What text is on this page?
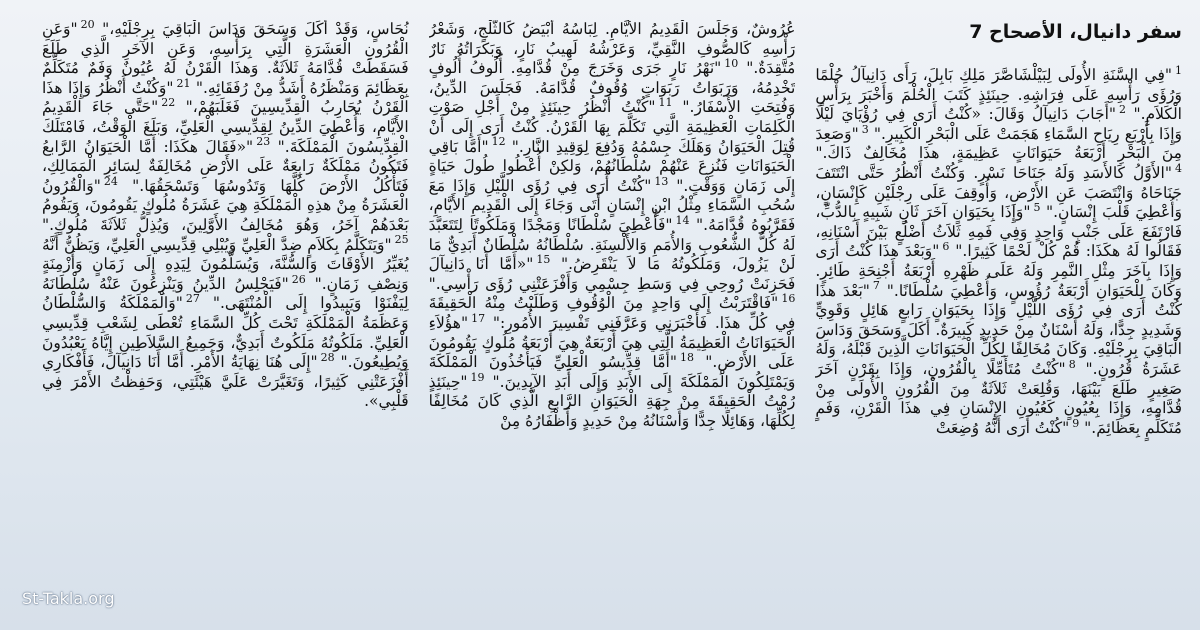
سفر دانيال، الأصحاح 7

$^1$"فِي السَّنَةِ الأُولَى لِبَيْلْشَاصَّرَ مَلِكِ بَابِلَ، رَأَى دَانِيآلُ حُلْمًا وَرُؤَى رَأْسِهِ عَلَى فِرَاشِهِ. حِينَئِذٍ كَتَبَ الْحُلْمَ وَأَخْبَرَ بِرَأْسِ الْكَلاَمِ." $^2$"أَجَابَ دَانِيآلُ وَقَالَ: «كُنْتُ أَرَى فِي رُؤْيَايَ لَيْلًا وَإِذَا بِأَرْبَعِ رِيَاحِ السَّمَاءِ هَجَمَتْ عَلَى الْبَحْرِ الْكَبِيرِ." $^3$"وَصَعِدَ مِنَ الْبَحْرِ أَرْبَعَةُ حَيَوَانَاتٍ عَظِيمَةٍ، هذَا مُخَالِفٌ ذَاكَ." $^4$"الأَوَّلُ كَالأَسَدِ وَلَهُ جَنَاحَا نَسْرٍ. وَكُنْتُ أَنْظُرُ حَتَّى انْتَتَفَ جَنَاحَاهُ وَانْتَصَبَ عَنِ الأَرْضِ، وَأُوقِفَ عَلَى رِجْلَيْنِ كَإِنْسَانٍ، وَأُعْطِيَ قَلْبَ إِنْسَانٍ." $^5$"وَإِذَا بِحَيَوَانٍ آخَرَ ثَانٍ شَبِيهٍ بِالدُّبِّ، فَارْتَفَعَ عَلَى جَنْبٍ وَاحِدٍ وَفِي فَمِهِ ثَلاَثُ أَضْلُعٍ بَيْنَ أَسْنَانِهِ، فَقَالُوا لَهُ هكَذَا: قُمْ كُلْ لَحْمًا كَثِيرًا." $^6$"وَبَعْدَ هذَا كُنْتُ أَرَى وَإِذَا بِآخَرَ مِثْلِ النَّمِرِ وَلَهُ عَلَى ظَهْرِهِ أَرْبَعَةُ أَجْنِحَةِ طَائِرٍ. وَكَانَ لِلْحَيَوَانِ أَرْبَعَةُ رُؤُوسٍ، وَأُعْطِيَ سُلْطَانًا." $^7$"بَعْدَ هذَا كُنْتُ أَرَى فِي رُؤَى اللَّيْلِ وَإِذَا بِحَيَوَانٍ رَابعٍ هَائِلٍ وَقَوِيٍّ وَشَدِيدٍ جِدًّا، وَلَهُ أَسْنَانٌ مِنْ حَدِيدٍ كَبِيرَةٌ. أَكَلَ وَسَحَقَ وَدَاسَ الْبَاقِيَ بِرِجْلَيْهِ. وَكَانَ مُخَالِفًا لِكُلِّ الْحَيَوَانَاتِ الَّذِينَ قَبْلَهُ، وَلَهُ عَشَرَةُ قُرُونٍ." $^8$"كُنْتُ مُتَأَمِّلًا بِالْقُرُونِ، وَإِذَا بِقَرْنٍ آخَرَ صَغِيرٍ طَلَعَ بَيْنَهَا، وَقُلِعَتْ ثَلاَثَةٌ مِنَ الْقُرُونِ الأُولَى مِنْ قُدَّامِهِ، وَإِذَا بِعُيُونٍ كَعُيُونِ الإِنْسَانِ فِي هذَا الْقَرْنِ، وَفَمٍ مُتَكَلِّمٍ بِعَظَائِمَ." $^9$"كُنْتُ أَرَى أَنَّهُ وُضِعَتْ

عُرُوشٌ، وَجَلَسَ الْقَدِيمُ الأَيَّامِ. لِبَاسُهُ أَبْيَضُ كَالثَّلْجِ، وَشَعْرُ رَأْسِهِ كَالصُّوفِ النَّقِيِّ، وَعَرْشُهُ لَهِيبُ نَارٍ، وَبَكَرَاتُهُ نَارٌ مُتَّقِدَةٌ." $^{10}$"نَهْرُ نَارٍ جَرَى وَخَرَجَ مِنْ قُدَّامِهِ. أُلُوفُ أُلُوفٍ تَخْدِمُهُ، وَرَبَوَاتُ رَبَوَاتٍ وُقُوفٌ قُدَّامَهُ. فَجَلَسَ الدِّينُ، وَفُتِحَتِ الأَسْفَارُ." $^{11}$"كُنْتُ أَنْظُرُ حِينَئِذٍ مِنْ أَجْلِ صَوْتِ الْكَلِمَاتِ الْعَظِيمَةِ الَّتِي تَكَلَّمَ بِهَا الْقَرْنُ. كُنْتُ أَرَى إِلَى أَنْ قُتِلَ الْحَيَوَانُ وَهَلَكَ جِسْمُهُ وَدُفِعَ لِوَقِيدِ النَّارِ." $^{12}$"أَمَّا بَاقِي الْحَيَوَانَاتِ فَنُزِعَ عَنْهُمْ سُلْطَانُهُمْ، وَلكِنْ أُعْطُوا طُولَ حَيَاةٍ إِلَى زَمَانٍ وَوَقْتٍ." $^{13}$"كُنْتُ أَرَى فِي رُؤَى اللَّيْلِ وَإِذَا مَعَ سُحُبِ السَّمَاءِ مِثْلُ ابْنِ إِنْسَانٍ أَتَى وَجَاءَ إِلَى الْقَدِيمِ الأَيَّامِ، فَقَرَّبُوهُ قُدَّامَهُ." $^{14}$"فَأُعْطِيَ سُلْطَانًا وَمَجْدًا وَمَلَكُوتًا لِتَتَعَبَّدَ لَهُ كُلُّ الشُّعُوبِ وَالأُمَمِ وَالأَلْسِنَةِ. سُلْطَانُهُ سُلْطَانٌ أَبَدِيٌّ مَا لَنْ يَزُولَ، وَمَلَكُوتُهُ مَا لاَ يَنْقَرِضُ." $^{15}$"«أَمَّا أَنَا دَانِيآلَ فَحَزِنَتْ رُوحِي فِي وَسَطِ جِسْمِي وَأَفْزَعَتْنِي رُؤَى رَأْسِي." $^{16}$"فَاقْتَرَبْتُ إِلَى وَاحِدٍ مِنَ الْوُقُوفِ وَطَلَبْتُ مِنْهُ الْحَقِيقَةَ فِي كُلِّ هذَا. فَأَخْبَرَنِي وَعَرَّفَنِي تَفْسِيرَ الأُمُورِ:" $^{17}$"هؤُلاَءِ الْحَيَوَانَاتُ الْعَظِيمَةُ الَّتِي هِيَ أَرْبَعَةٌ هِيَ أَرْبَعَةُ مُلُوكٍ يَقُومُونَ عَلَى الأَرْضِ." $^{18}$"أَمَّا قِدِّيسُو الْعَلِيِّ فَيَأْخُذُونَ الْمَمْلَكَةَ وَيَمْتَلِكُونَ الْمَمْلَكَةَ إِلَى الأَبَدِ وَإِلَى أَبَدِ الآبِدِينَ." $^{19}$"حِينَئِذٍ رُمْتُ الْحَقِيقَةَ مِنْ جِهَةِ الْحَيَوَانِ الرَّابعِ الَّذِي كَانَ مُخَالِفًا لِكُلِّهَا، وَهَائِلًا جِدًّا وَأَسْنَانُهُ مِنْ حَدِيدٍ وَأَظْفَارُهُ مِنْ

نُحَاسٍ، وَقَدْ أَكَلَ وَسَحَقَ وَدَاسَ الْبَاقِيَ بِرِجْلَيْهِ،" $^{20}$"وَعَنِ الْقُرُونِ الْعَشَرَةِ الَّتِي بِرَأْسِهِ، وَعَنِ الآخَرِ الَّذِي طَلَعَ فَسَقَطَتْ قُدَّامَهُ ثَلاَثَةٌ. وَهذَا الْقَرْنُ لَهُ عُيُونٌ وَفَمٌ مُتَكَلِّمٌ بِعَظَائِمَ وَمَنْظَرُهُ أَشَدُّ مِنْ رُفَقَائِهِ." $^{21}$"وَكُنْتُ أَنْظُرُ وَإِذَا هذَا الْقَرْنُ يُحَارِبُ الْقِدِّيسِينَ فَغَلَبَهُمْ،" $^{22}$"حَتَّى جَاءَ الْقَدِيمُ الأَيَّامِ، وَأُعْطِيَ الدِّينُ لِقِدِّيسِي الْعَلِيِّ، وَبَلَغَ الْوَقْتُ، فَامْتَلَكَ الْقِدِّيسُونَ الْمَمْلَكَةَ." $^{23}$"«فَقَالَ هكَذَا: أَمَّا الْحَيَوَانُ الرَّابعُ فَتَكُونُ مَمْلَكَةٌ رَابِعَةٌ عَلَى الأَرْضِ مُخَالِفَةٌ لِسَائِرِ الْمَمَالِكِ، فَتَأْكُلُ الأَرْضَ كُلَّهَا وَتَدُوسُهَا وَتَسْحَقُهَا." $^{24}$"وَالْقُرُونُ الْعَشَرَةُ مِنْ هذِهِ الْمَمْلَكَةِ هِيَ عَشَرَةُ مُلُوكٍ يَقُومُونَ، وَيَقُومُ بَعْدَهُمْ آخَرُ، وَهُوَ مُخَالِفُ الأَوَّلِينَ، وَيُذِلُّ ثَلاَثَةَ مُلُوكٍ." $^{25}$"وَيَتَكَلَّمُ بِكَلاَمٍ ضِدَّ الْعَلِيِّ وَيُبْلِي قِدِّيسِي الْعَلِيِّ، وَيَظُنُّ أَنَّهُ يُغَيِّرُ الأَوْقَاتَ وَالسُّنَّةَ، وَيُسَلَّمُونَ لِيَدِهِ إِلَى زَمَانٍ وَأَزْمِنَةٍ وَنِصْفِ زَمَانٍ." $^{26}$"فَيَجْلِسُ الدِّينُ وَيَنْزِعُونَ عَنْهُ سُلْطَانَهُ لِيَفْنَوْا وَيَبِيدُوا إِلَى الْمُنْتَهَى." $^{27}$"وَالْمَمْلَكَةُ وَالسُّلْطَانُ وَعَظَمَةُ الْمَمْلَكَةِ تَحْتَ كُلِّ السَّمَاءِ تُعْطَى لِشَعْبِ قِدِّيسِي الْعَلِيِّ. مَلَكُوتُهُ مَلَكُوتٌ أَبَدِيٌّ، وَجَمِيعُ السَّلاَطِينِ إِيَّاهُ يَعْبُدُونَ وَيُطِيعُونَ." $^{28}$"إِلَى هُنَا نِهَايَةُ الأَمْرِ. أَمَّا أَنَا دَانِيآلَ، فَأَفْكَارِي أَفْزَعَتْنِي كَثِيرًا، وَتَغَيَّرَتْ عَلَيَّ هَيْئَتِي، وَحَفِظْتُ الأَمْرَ فِي قَلْبِي».

St-Takla.org
